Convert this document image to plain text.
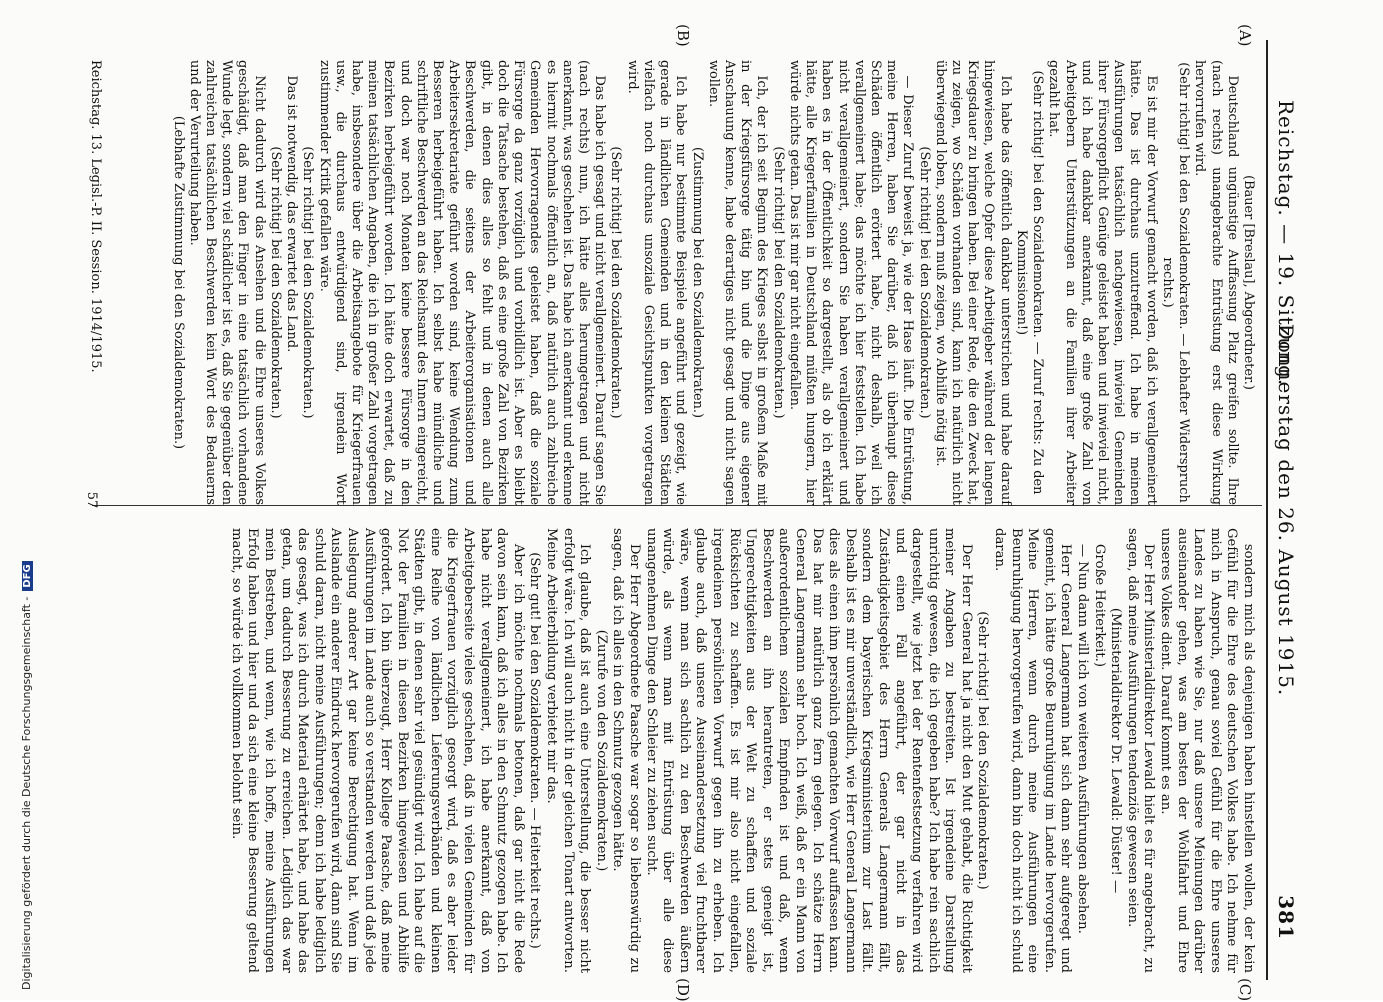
Reichstag. — 19. Sitzung.
Donnerstag den 26. August 1915.
381
(A)
(B)
(C)
(D)

(Bauer [Breslau], Abgeordneter.)

Deutschland ungünstige Auffassung Platz greifen sollte. Ihre (nach rechts) unangebrachte Entrüstung erst diese Wirkung hervorrufen wird.

(Sehr richtig! bei den Sozialdemokraten. — Lebhafter Widerspruch rechts.)

Es ist mir der Vorwurf gemacht worden, daß ich verallgemeinert hätte. Das ist durchaus unzutreffend. Ich habe in meinen Ausführungen tatsächlich nachgewiesen, inwieviel Gemeinden ihrer Fürsorgepflicht Genüge geleistet haben und inwieviel nicht, und ich habe dankbar anerkannt, daß eine große Zahl von Arbeitgebern Unterstützungen an die Familien ihrer Arbeiter gezahlt hat.

(Sehr richtig! bei den Sozialdemokraten. — Zuruf rechts: Zu den Kommissionen!)

Ich habe das öffentlich dankbar unterstrichen und habe darauf hingewiesen, welche Opfer diese Arbeitgeber während der langen Kriegsdauer zu bringen haben. Bei einer Rede, die den Zweck hat, zu zeigen, wo Schäden vorhanden sind, kann ich natürlich nicht überwiegend loben, sondern muß zeigen, wo Abhilfe nötig ist.

(Sehr richtig! bei den Sozialdemokraten.)

— Dieser Zuruf beweist ja, wie der Hase läuft. Die Entrüstung, meine Herren, haben Sie darüber, daß ich überhaupt diese Schäden öffentlich erörtert habe, nicht deshalb, weil ich verallgemeinert habe; das möchte ich hier feststellen. Ich habe nicht verallgemeinert, sondern Sie haben verallgemeinert und haben es in der Öffentlichkeit so dargestellt, als ob ich erklärt hätte, alle Kriegerfamilien in Deutschland müßten hungern, hier würde nichts getan. Das ist mir gar nicht eingefallen.

(Sehr richtig! bei den Sozialdemokraten.)

Ich, der ich seit Beginn des Krieges selbst in großem Maße mit in der Kriegsfürsorge tätig bin und die Dinge aus eigener Anschauung kenne, habe derartiges nicht gesagt und nicht sagen wollen.

(Zustimmung bei den Sozialdemokraten.)

Ich habe nur bestimmte Beispiele angeführt und gezeigt, wie gerade in ländlichen Gemeinden und in den kleinen Städten vielfach noch durchaus unsoziale Gesichtspunkten vorgetragen wird.

(Sehr richtig! bei den Sozialdemokraten.)

Das habe ich gesagt und nicht verallgemeinert. Darauf sagen Sie (nach rechts) nun, ich hätte alles herumgetragen und nicht anerkannt, was geschehen ist. Das habe ich anerkannt und erkenne es hiermit nochmals öffentlich an, daß natürlich auch zahlreiche Gemeinden Hervorragendes geleistet haben, daß die soziale Fürsorge da ganz vorzüglich und vorbildlich ist. Aber es bleibt doch die Tatsache bestehen, daß es eine große Zahl von Bezirken gibt, in denen dies alles so fehlt und in denen auch alle Beschwerden, die seitens der Arbeiterorganisationen und Arbeitersekretariate geführt worden sind, keine Wendung zum Besseren herbeigeführt haben. Ich selbst habe mündliche und schriftliche Beschwerden an das Reichsamt des Innern eingereicht, und doch war noch Monaten keine bessere Fürsorge in den Bezirken herbeigeführt worden. Ich hätte doch erwartet, daß zu meinen tatsächlichen Angaben, die ich in großer Zahl vorgetragen habe, insbesondere über die Arbeitsangebote für Kriegerfrauen usw., die durchaus entwürdigend sind, irgendein Wort zustimmender Kritik gefallen wäre.

(Sehr richtig! bei den Sozialdemokraten.)

Das ist notwendig, das erwartet das Land.

(Sehr richtig! bei den Sozialdemokraten.)

Nicht dadurch wird das Ansehen und die Ehre unseres Volkes geschädigt, daß man den Finger in eine tatsächlich vorhandene Wunde legt, sondern viel schädlicher ist es, daß Sie gegenüber den zahlreichen tatsächlichen Beschwerden kein Wort des Bedauerns und der Verurteilung haben.

(Lebhafte Zustimmung bei den Sozialdemokraten.)

sondern mich als denjenigen haben hinstellen wollen, der kein Gefühl für die Ehre des deutschen Volkes habe. Ich nehme für mich in Anspruch, genau soviel Gefühl für die Ehre unseres Landes zu haben wie Sie, nur daß unsere Meinungen darüber auseinander gehen, was am besten der Wohlfahrt und Ehre unseres Volkes dient. Darauf kommt es an.

Der Herr Ministerialdirektor Lewald hielt es für angebracht, zu sagen, daß meine Ausführungen tendenziös gewesen seien.

(Ministerialdirektor Dr. Lewald: Düster! —

Große Heiterkeit.)

— Nun dann will ich von weiteren Ausführungen absehen.

Herr General Langermann hat sich dann sehr aufgeregt und gemeint, ich hätte große Beunruhigung im Lande hervorgerufen. Meine Herren, wenn durch meine Ausführungen eine Beunruhigung hervorgerufen wird, dann bin doch nicht ich schuld daran.

(Sehr richtig! bei den Sozialdemokraten.)

Der Herr General hat ja nicht den Mut gehabt, die Richtigkeit meiner Angaben zu bestreiten. Ist irgendeine Darstellung unrichtig gewesen, die ich gegeben habe? Ich habe rein sachlich dargestellt, wie jetzt bei der Rentenfestsetzung verfahren wird und einen Fall angeführt, der gar nicht in das Zuständigkeitsgebiet des Herrn Generals Langermann fällt, sondern dem bayerischen Kriegsministerium zur Last fällt. Deshalb ist es mir unverständlich, wie Herr General Langermann dies als einen ihm persönlich gemachten Vorwurf auffassen kann. Das hat mir natürlich ganz fern gelegen. Ich schätze Herrn General Langermann sehr hoch. Ich weiß, daß er ein Mann von außerordentlichem sozialen Empfinden ist und daß, wenn Beschwerden an ihn herantreten, er stets geneigt ist, Ungerechtigkeiten aus der Welt zu schaffen und soziale Rücksichten zu schaffen. Es ist mir also nicht eingefallen, irgendeinen persönlichen Vorwurf gegen ihn zu erheben. Ich glaube auch, daß unsere Auseinandersetzung viel fruchtbarer wäre, wenn man sich sachlich zu den Beschwerden äußern würde, als wenn man mit Entrüstung über alle diese unangenehmen Dinge den Schleier zu ziehen sucht.

Der Herr Abgeordnete Paasche war sogar so liebenswürdig zu sagen, daß ich alles in den Schmutz gezogen hätte.

(Zurufe von den Sozialdemokraten.)

Ich glaube, daß ist auch eine Unterstellung, die besser nicht erfolgt wäre. Ich will auch nicht in der gleichen Tonart antworten. Meine Arbeiterbildung verbietet mir das.

(Sehr gut! bei den Sozialdemokraten. — Heiterkeit rechts.)

Aber ich möchte nochmals betonen, daß gar nicht die Rede davon sein kann, daß ich alles in den Schmutz gezogen habe. Ich habe nicht verallgemeinert, ich habe anerkannt, daß von Arbeitgeberseite vieles geschehen, daß in vielen Gemeinden für die Kriegerfrauen vorzüglich gesorgt wird, daß es aber leider eine Reihe von ländlichen Lieferungsverbänden und kleinen Städten gibt, in denen sehr viel gesündigt wird. Ich habe auf die Not der Familien in diesen Bezirken hingewiesen und Abhilfe gefordert. Ich bin überzeugt, Herr Kollege Paasche, daß meine Ausführungen im Lande auch so verstanden werden und daß jede Auslegung anderer Art gar keine Berechtigung hat. Wenn im Auslande ein anderer Eindruck hervorgerufen wird, dann sind Sie schuld daran, nicht meine Ausführungen; denn ich habe lediglich das gesagt, was ich durch Material erhärtet habe, und habe das getan, um dadurch Besserung zu erreichen. Lediglich das war mein Bestreben, und wenn, wie ich hoffe, meine Ausführungen Erfolg haben und hier und da sich eine kleine Besserung geltend macht, so würde ich vollkommen belohnt sein.

Reichstag. 13. Legisl.-P. II. Session. 1914/1915.
57
Digitalisierung gefördert durch die Deutsche Forschungsgemeinschaft -DFG
